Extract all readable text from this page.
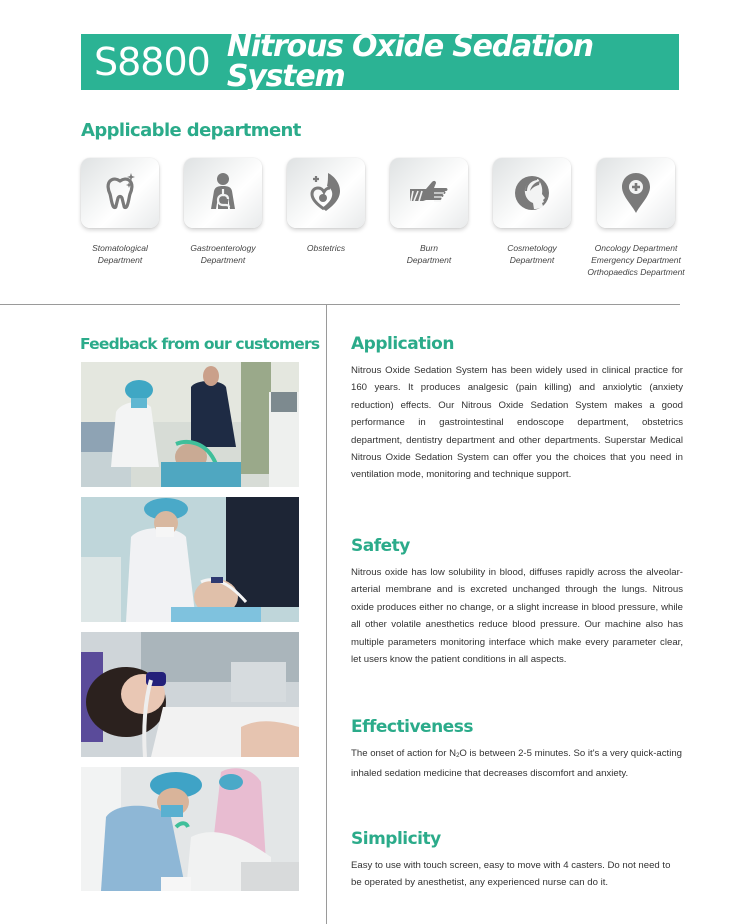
S8800 Nitrous Oxide Sedation System
Applicable department
Stomatological
Department
Gastroenterology
Department
Obstetrics	Burn
Department
Cosmetology
Department
Oncology Department
Emergency Department
Orthopaedics Department
Feedback from our customers Application
Nitrous Oxide Sedation System has been widely used in clinical practice for 160 years. It produces analgesic (pain killing) and anxiolytic (anxiety reduction) effects. Our Nitrous Oxide Sedation System makes a good performance in gastrointestinal endoscope department, obstetrics department, dentistry department and other departments. Superstar Medical Nitrous Oxide Sedation System can offer you the choices that you need in ventilation mode, monitoring and technique support.
Safety
Nitrous oxide has low solubility in blood, diffuses rapidly across the alveolar-arterial membrane and is excreted unchanged through the lungs. Nitrous oxide produces either no change, or a slight increase in blood pressure, while all other volatile anesthetics reduce blood pressure. Our machine also has multiple parameters monitoring interface which make every parameter clear, let users know the patient conditions in all aspects.
Effectiveness
The onset of action for $N_2O$ is between 2-5 minutes. So it's a very quick-acting inhaled sedation medicine that decreases discomfort and anxiety.
Simplicity
Easy to use with touch screen, easy to move with 4 casters. Do not need to be operated by anesthetist, any experienced nurse can do it.
